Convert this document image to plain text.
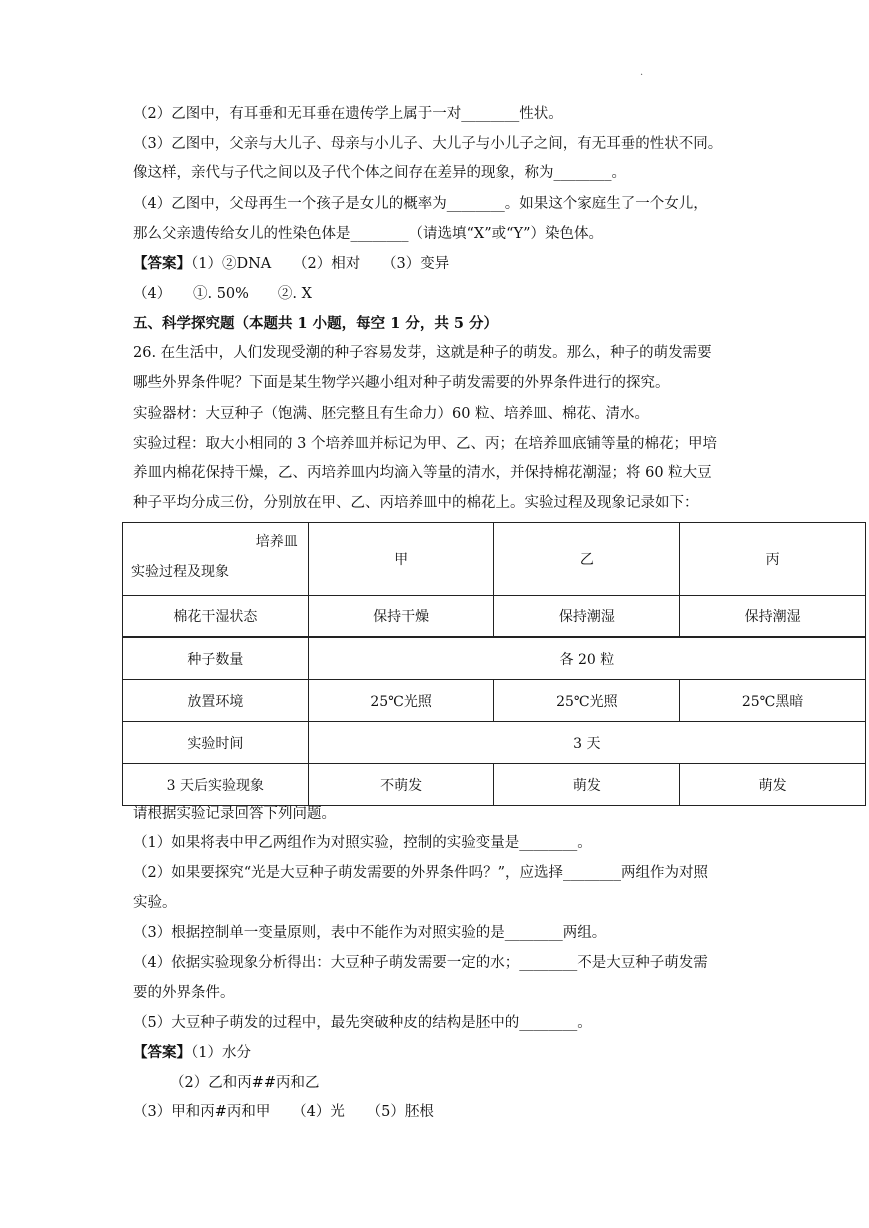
·
（2）乙图中，有耳垂和无耳垂在遗传学上属于一对________性状。
（3）乙图中，父亲与大儿子、母亲与小儿子、大儿子与小儿子之间，有无耳垂的性状不同。
像这样，亲代与子代之间以及子代个体之间存在差异的现象，称为________。
（4）乙图中，父母再生一个孩子是女儿的概率为________。如果这个家庭生了一个女儿，
那么父亲遗传给女儿的性染色体是________（请选填“X”或“Y”）染色体。
【答案】（1）②DNA　　（2）相对　　（3）变异
（4）　　①. 50%　　②. X
五、科学探究题（本题共 1 小题，每空 1 分，共 5 分）
26. 在生活中，人们发现受潮的种子容易发芽，这就是种子的萌发。那么，种子的萌发需要
哪些外界条件呢？下面是某生物学兴趣小组对种子萌发需要的外界条件进行的探究。
实验器材：大豆种子（饱满、胚完整且有生命力）60 粒、培养皿、棉花、清水。
实验过程：取大小相同的 3 个培养皿并标记为甲、乙、丙；在培养皿底铺等量的棉花；甲培
养皿内棉花保持干燥，乙、丙培养皿内均滴入等量的清水，并保持棉花潮湿；将 60 粒大豆
种子平均分成三份，分别放在甲、乙、丙培养皿中的棉花上。实验过程及现象记录如下：
培养皿
实验过程及现象	甲	乙	丙
棉花干湿状态	保持干燥	保持潮湿	保持潮湿
种子数量	各 20 粒		
放置环境	25℃光照	25℃光照	25℃黑暗
实验时间	3 天		
3 天后实验现象	不萌发	萌发	萌发
请根据实验记录回答下列问题。
（1）如果将表中甲乙两组作为对照实验，控制的实验变量是________。
（2）如果要探究“光是大豆种子萌发需要的外界条件吗？”，应选择________两组作为对照
实验。
（3）根据控制单一变量原则，表中不能作为对照实验的是________两组。
（4）依据实验现象分析得出：大豆种子萌发需要一定的水；________不是大豆种子萌发需
要的外界条件。
（5）大豆种子萌发的过程中，最先突破种皮的结构是胚中的________。
【答案】（1）水分
（2）乙和丙##丙和乙
（3）甲和丙#丙和甲　　（4）光　　（5）胚根
